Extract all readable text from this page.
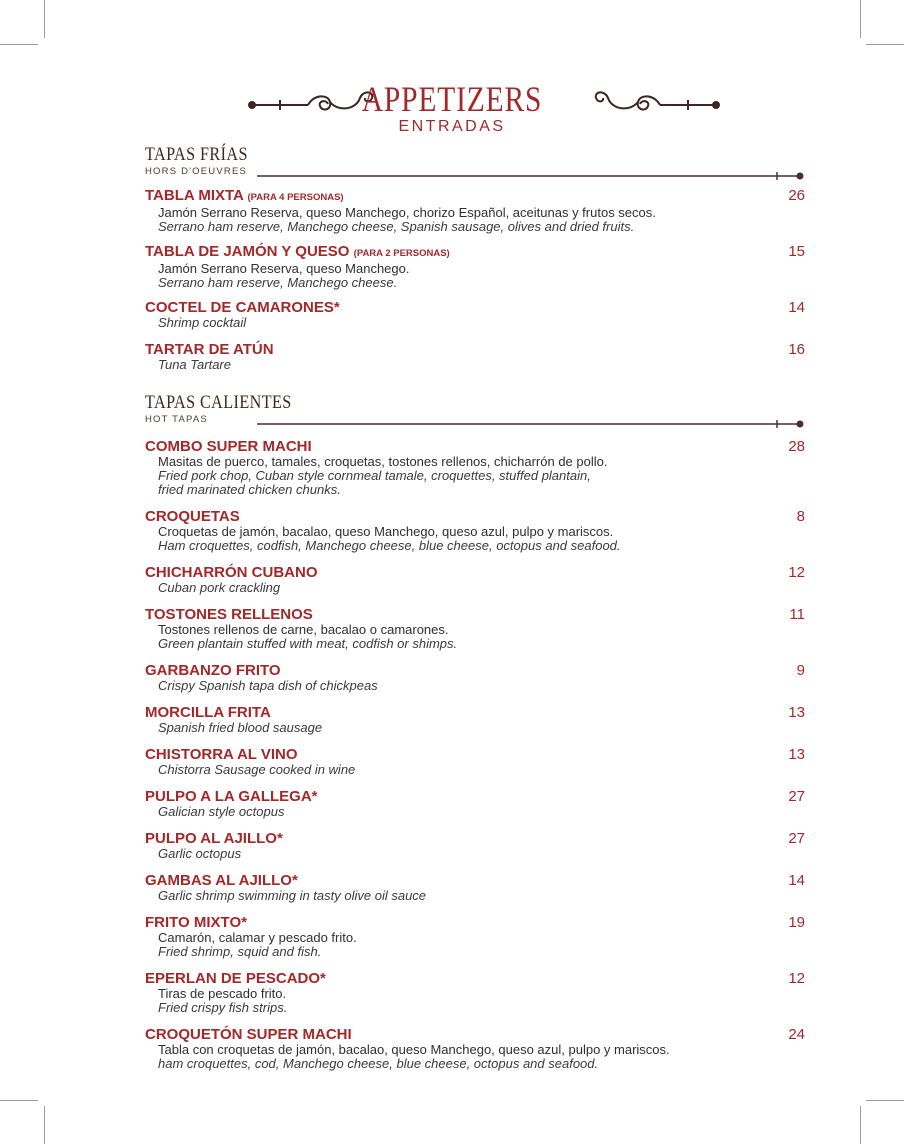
APPETIZERS
ENTRADAS
TAPAS FRÍAS
HORS D'OEUVRES
TAPAS CALIENTES
HOT TAPAS
TABLA MIXTA (PARA 4 PERSONAS)	26
Jamón Serrano Reserva, queso Manchego, chorizo Español, aceitunas y frutos secos.
Serrano ham reserve, Manchego cheese, Spanish sausage, olives and dried fruits.
TABLA DE JAMÓN Y QUESO (PARA 2 PERSONAS)	15
Jamón Serrano Reserva, queso Manchego.
Serrano ham reserve, Manchego cheese.
COCTEL DE CAMARONES*	14
Shrimp cocktail
TARTAR DE ATÚN	16
Tuna Tartare
COMBO SUPER MACHI	28
Masitas de puerco, tamales, croquetas, tostones rellenos, chicharrón de pollo.
Fried pork chop, Cuban style cornmeal tamale, croquettes, stuffed plantain,
fried marinated chicken chunks.
CROQUETAS	8
Croquetas de jamón, bacalao, queso Manchego, queso azul, pulpo y mariscos.
Ham croquettes, codfish, Manchego cheese, blue cheese, octopus and seafood.
CHICHARRÓN CUBANO	12
Cuban pork crackling
TOSTONES RELLENOS	11
Tostones rellenos de carne, bacalao o camarones.
Green plantain stuffed with meat, codfish or shimps.
GARBANZO FRITO	9
Crispy Spanish tapa dish of chickpeas
MORCILLA FRITA	13
Spanish fried blood sausage
CHISTORRA AL VINO	13
Chistorra Sausage cooked in wine
PULPO A LA GALLEGA*	27
Galician style octopus
PULPO AL AJILLO*	27
Garlic octopus
GAMBAS AL AJILLO*	14
Garlic shrimp swimming in tasty olive oil sauce
FRITO MIXTO*	19
Camarón, calamar y pescado frito.
Fried shrimp, squid and fish.
EPERLAN DE PESCADO*	12
Tiras de pescado frito.
Fried crispy fish strips.
CROQUETÓN SUPER MACHI	24
Tabla con croquetas de jamón, bacalao, queso Manchego, queso azul, pulpo y mariscos.
ham croquettes, cod, Manchego cheese, blue cheese, octopus and seafood.
